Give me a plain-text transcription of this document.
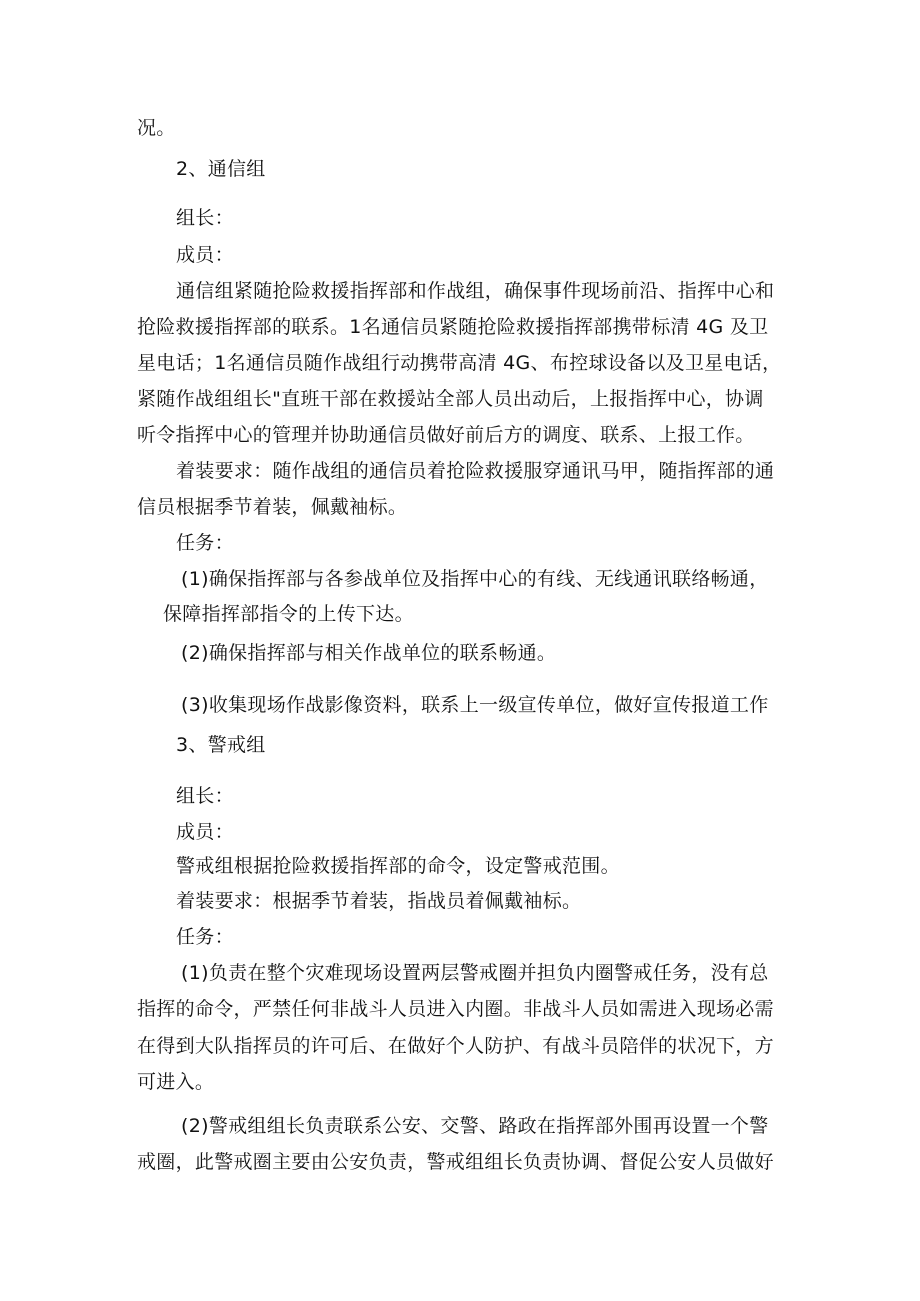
况。
2、通信组
组长：
成员：
通信组紧随抢险救援指挥部和作战组，确保事件现场前沿、指挥中心和
抢险救援指挥部的联系。1名通信员紧随抢险救援指挥部携带标清 4G 及卫
星电话；1名通信员随作战组行动携带高清 4G、布控球设备以及卫星电话，
紧随作战组组长"直班干部在救援站全部人员出动后，上报指挥中心，协调
听令指挥中心的管理并协助通信员做好前后方的调度、联系、上报工作。
着装要求：随作战组的通信员着抢险救援服穿通讯马甲，随指挥部的通
信员根据季节着装，佩戴袖标。
任务：
(1)确保指挥部与各参战单位及指挥中心的有线、无线通讯联络畅通，
保障指挥部指令的上传下达。
(2)确保指挥部与相关作战单位的联系畅通。
(3)收集现场作战影像资料，联系上一级宣传单位，做好宣传报道工作
3、警戒组
组长：
成员：
警戒组根据抢险救援指挥部的命令，设定警戒范围。
着装要求：根据季节着装，指战员着佩戴袖标。
任务：
(1)负责在整个灾难现场设置两层警戒圈并担负内圈警戒任务，没有总
指挥的命令，严禁任何非战斗人员进入内圈。非战斗人员如需进入现场必需
在得到大队指挥员的许可后、在做好个人防护、有战斗员陪伴的状况下，方
可进入。
(2)警戒组组长负责联系公安、交警、路政在指挥部外围再设置一个警
戒圈，此警戒圈主要由公安负责，警戒组组长负责协调、督促公安人员做好
